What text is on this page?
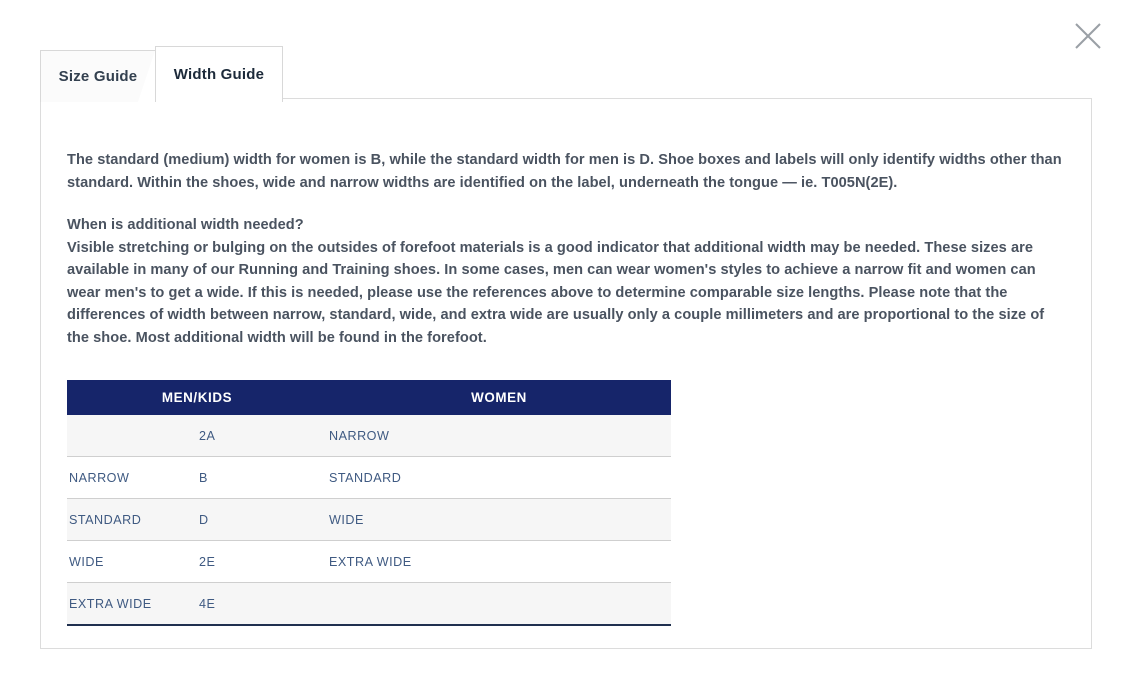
Size Guide Width Guide

The standard (medium) width for women is B, while the standard width for men is D. Shoe boxes and labels will only identify widths other than standard. Within the shoes, wide and narrow widths are identified on the label, underneath the tongue — ie. T005N(2E).

When is additional width needed?
Visible stretching or bulging on the outsides of forefoot materials is a good indicator that additional width may be needed. These sizes are available in many of our Running and Training shoes. In some cases, men can wear women's styles to achieve a narrow fit and women can wear men's to get a wide. If this is needed, please use the references above to determine comparable size lengths. Please note that the differences of width between narrow, standard, wide, and extra wide are usually only a couple millimeters and are proportional to the size of the shoe. Most additional width will be found in the forefoot.

MEN/KIDS		WOMEN
	2A	NARROW
NARROW	B	STANDARD
STANDARD	D	WIDE
WIDE	2E	EXTRA WIDE
EXTRA WIDE	4E	
